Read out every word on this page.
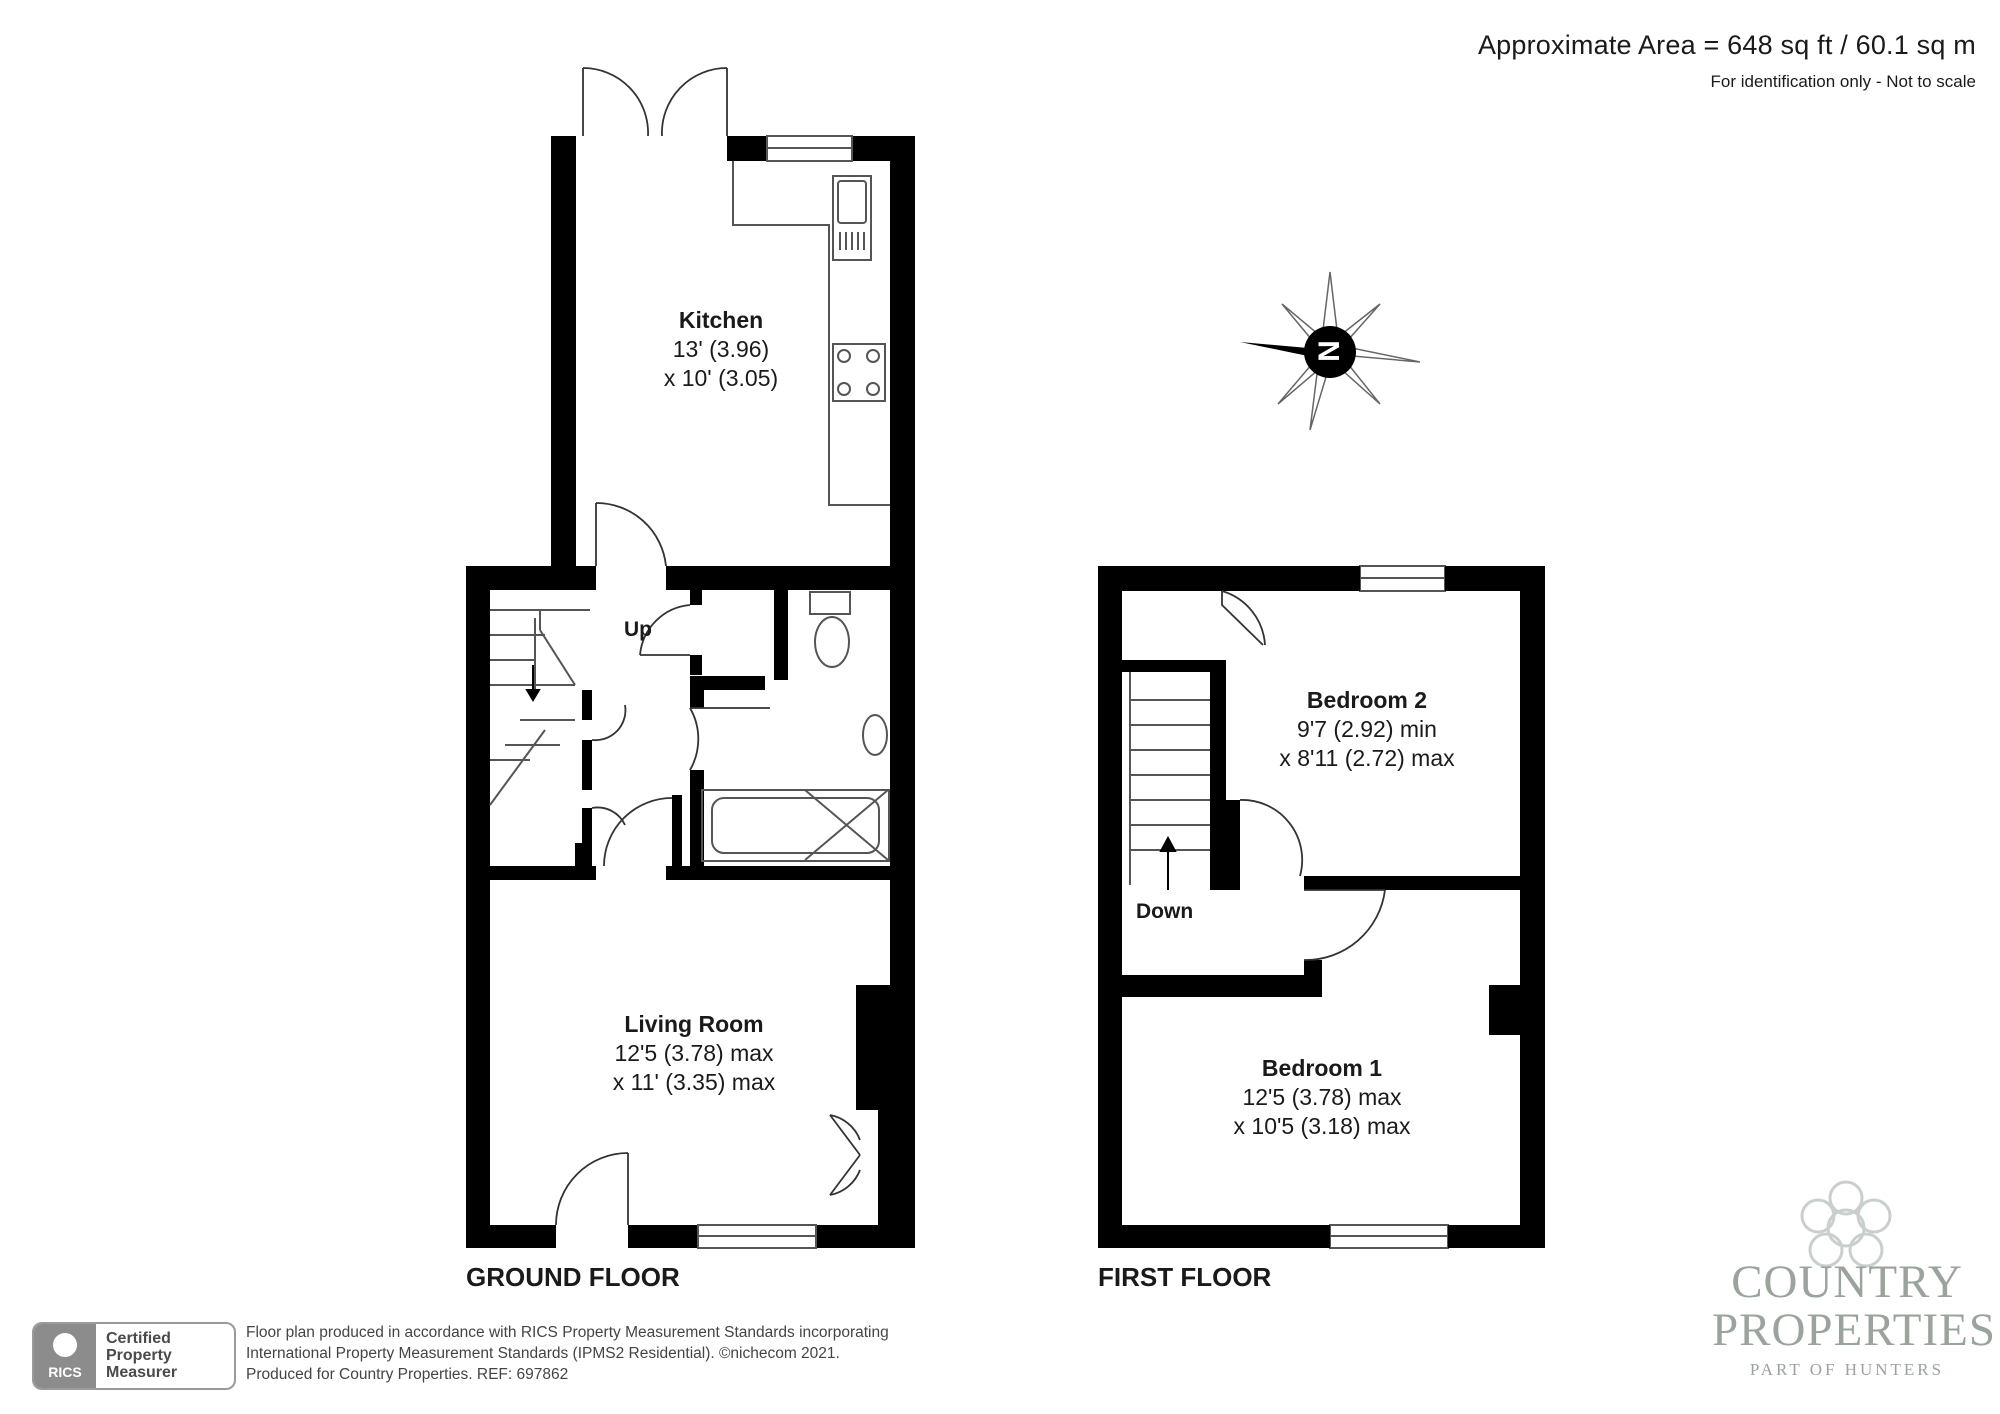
N
Approximate Area = 648 sq ft / 60.1 sq m
For identification only - Not to scale
Kitchen
13' (3.96)
x 10' (3.05)
Living Room
12'5 (3.78) max
x 11' (3.35) max
Up
GROUND FLOOR
Bedroom 2
9'7 (2.92) min
x 8'11 (2.72) max
Bedroom 1
12'5 (3.78) max
x 10'5 (3.18) max
Down
FIRST FLOOR
RICS
Certified
Property
Measurer
Floor plan produced in accordance with RICS Property Measurement Standards incorporating
International Property Measurement Standards (IPMS2 Residential). ©nichecom 2021.
Produced for Country Properties. REF: 697862
COUNTRY
PROPERTIES
PART OF HUNTERS
